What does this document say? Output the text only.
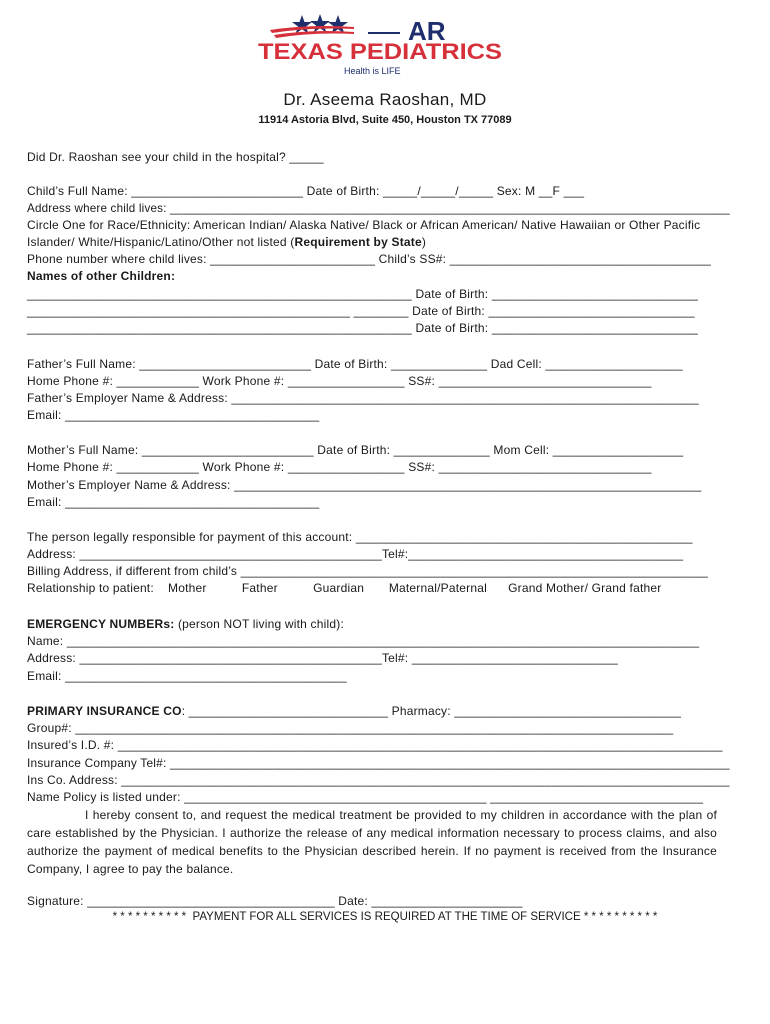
AR
TEXAS PEDIATRICS
Health is LIFE
Dr. Aseema Raoshan, MD
11914 Astoria Blvd, Suite 450, Houston TX 77089
Did Dr. Raoshan see your child in the hospital? _____
Child’s Full Name: _________________________ Date of Birth: _____/_____/_____ Sex: M __F ___
Address where child lives: ____________________________________________________________________________________
Circle One for Race/Ethnicity: American Indian/ Alaska Native/ Black or African American/ Native Hawaiian or Other Pacific
Islander/ White/Hispanic/Latino/Other not listed (Requirement by State)
Phone number where child lives: ________________________ Child’s SS#: ______________________________________
Names of other Children:
________________________________________________________ Date of Birth: ______________________________
_______________________________________________ ________ Date of Birth: ______________________________
________________________________________________________ Date of Birth: ______________________________
Father’s Full Name: _________________________ Date of Birth: ______________ Dad Cell: ____________________
Home Phone #: ____________ Work Phone #: _________________ SS#: _______________________________
Father’s Employer Name & Address: ____________________________________________________________________
Email: _____________________________________
Mother’s Full Name: _________________________ Date of Birth: ______________ Mom Cell: ___________________
Home Phone #: ____________ Work Phone #: _________________ SS#: _______________________________
Mother’s Employer Name & Address: ____________________________________________________________________
Email: _____________________________________
The person legally responsible for payment of this account: _________________________________________________
Address: ____________________________________________Tel#:________________________________________
Billing Address, if different from child’s ____________________________________________________________________
Relationship to patient:    Mother          Father          Guardian       Maternal/Paternal      Grand Mother/ Grand father
EMERGENCY NUMBERs: (person NOT living with child):
Name: ____________________________________________________________________________________________
Address: ____________________________________________Tel#: ______________________________
Email: _________________________________________
PRIMARY INSURANCE CO: _____________________________ Pharmacy: _________________________________
Group#: _______________________________________________________________________________________
Insured’s I.D. #: ________________________________________________________________________________________
Insurance Company Tel#: __________________________________________________________________________________
Ins Co. Address: _________________________________________________________________________________________
Name Policy is listed under: ____________________________________________ _______________________________
I hereby consent to, and request the medical treatment be provided to my children in accordance with the plan of care established by the Physician. I authorize the release of any medical information necessary to process claims, and also authorize the payment of medical benefits to the Physician described herein. If no payment is received from the Insurance Company, I agree to pay the balance.
Signature: ____________________________________ Date: ______________________
* * * * * * * * * *  PAYMENT FOR ALL SERVICES IS REQUIRED AT THE TIME OF SERVICE * * * * * * * * * *
